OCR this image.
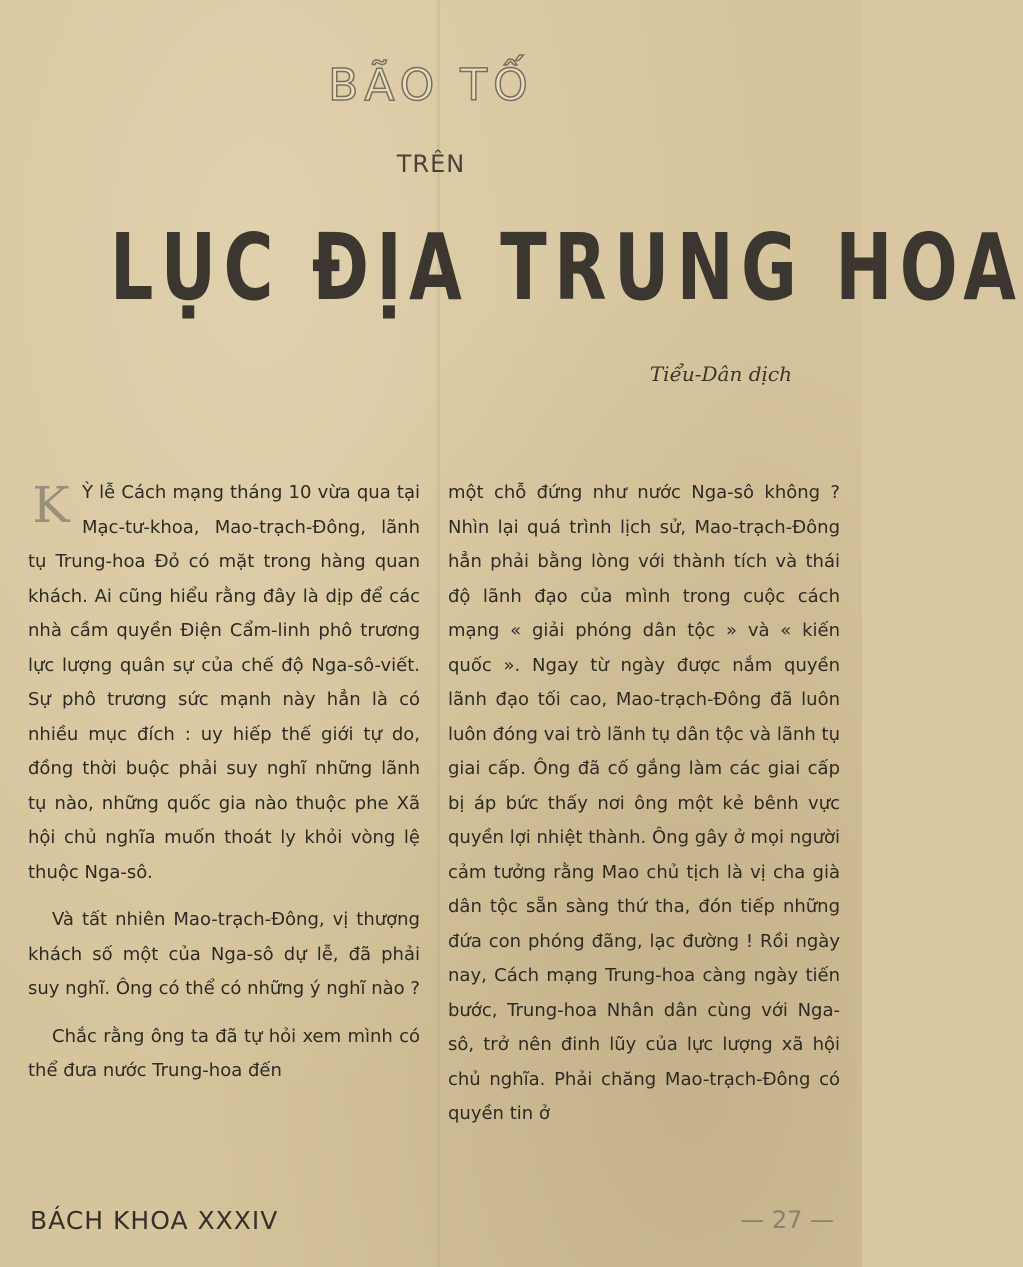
BÃO TỐ
TRÊN
LỤC ĐỊA TRUNG HOA
Tiểu-Dân dịch
K Ỳ lễ Cách mạng tháng 10 vừa qua tại Mạc-tư-khoa, Mao-trạch-Đông, lãnh tụ Trung-hoa Đỏ có mặt trong hàng quan khách. Ai cũng hiểu rằng đây là dịp để các nhà cầm quyền Điện Cẩm-linh phô trương lực lượng quân sự của chế độ Nga-sô-viết. Sự phô trương sức mạnh này hẳn là có nhiều mục đích : uy hiếp thế giới tự do, đồng thời buộc phải suy nghĩ những lãnh tụ nào, những quốc gia nào thuộc phe Xã hội chủ nghĩa muốn thoát ly khỏi vòng lệ thuộc Nga-sô.

Và tất nhiên Mao-trạch-Đông, vị thượng khách số một của Nga-sô dự lễ, đã phải suy nghĩ. Ông có thể có những ý nghĩ nào ?

Chắc rằng ông ta đã tự hỏi xem mình có thể đưa nước Trung-hoa đến

một chỗ đứng như nước Nga-sô không ? Nhìn lại quá trình lịch sử, Mao-trạch-Đông hẳn phải bằng lòng với thành tích và thái độ lãnh đạo của mình trong cuộc cách mạng « giải phóng dân tộc » và « kiến quốc ». Ngay từ ngày được nắm quyền lãnh đạo tối cao, Mao-trạch-Đông đã luôn luôn đóng vai trò lãnh tụ dân tộc và lãnh tụ giai cấp. Ông đã cố gắng làm các giai cấp bị áp bức thấy nơi ông một kẻ bênh vực quyền lợi nhiệt thành. Ông gây ở mọi người cảm tưởng rằng Mao chủ tịch là vị cha già dân tộc sẵn sàng thứ tha, đón tiếp những đứa con phóng đãng, lạc đường ! Rồi ngày nay, Cách mạng Trung-hoa càng ngày tiến bước, Trung-hoa Nhân dân cùng với Nga-sô, trở nên đinh lũy của lực lượng xã hội chủ nghĩa. Phải chăng Mao-trạch-Đông có quyền tin ở

BÁCH KHOA XXXIV	— 27 —
